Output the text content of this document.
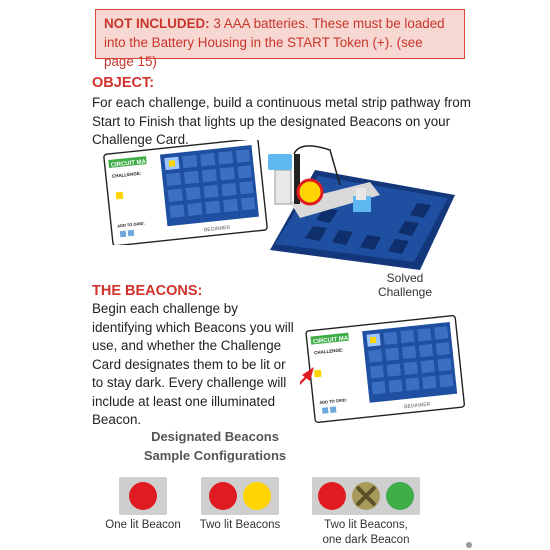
NOT INCLUDED: 3 AAA batteries. These must be loaded into the Battery Housing in the START Token (+). (see page 15)
OBJECT:
For each challenge, build a continuous metal strip pathway from Start to Finish that lights up the designated Beacons on your Challenge Card.
CIRCUIT MAZE
CHALLENGE:
ADD TO GRID:
BEGINNER
Solved Challenge
THE BEACONS:
Begin each challenge by identifying which Beacons you will use, and whether the Challenge Card designates them to be lit or to stay dark. Every challenge will include at least one illuminated Beacon.
CIRCUIT MAZE
CHALLENGE:
ADD TO GRID:
BEGINNER
Designated Beacons
Sample Configurations
One lit Beacon	Two lit Beacons	Two lit Beacons,
one dark Beacon
